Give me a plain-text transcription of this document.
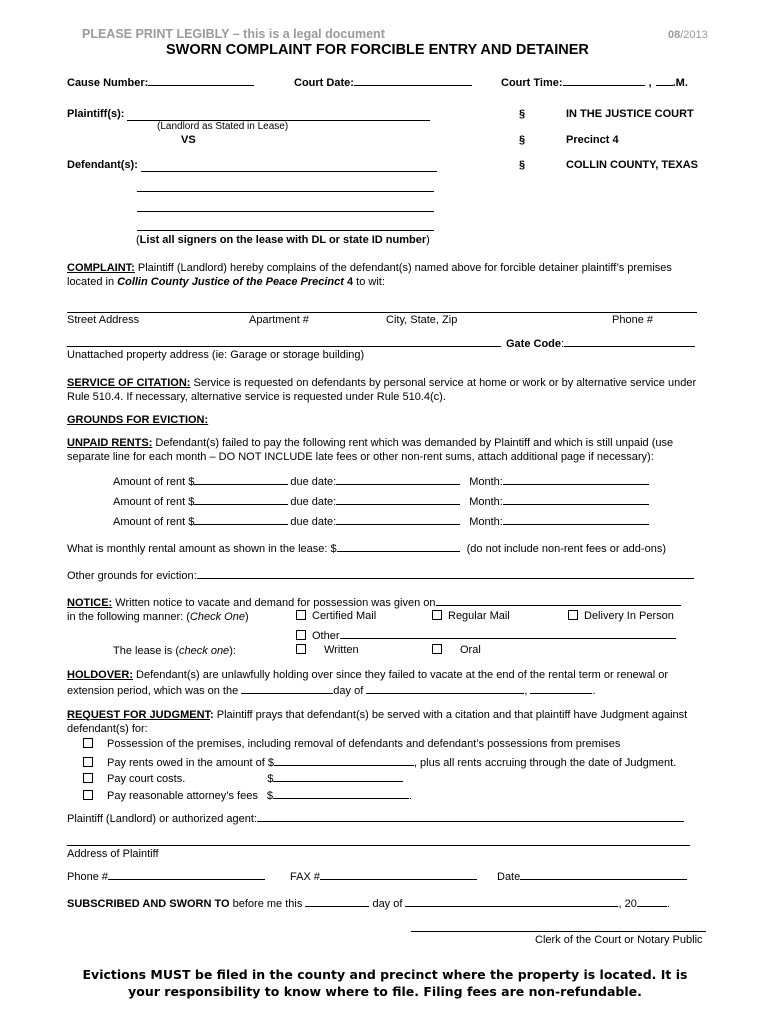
PLEASE PRINT LEGIBLY – this is a legal document	08/2013
SWORN COMPLAINT FOR FORCIBLE ENTRY AND DETAINER
Cause Number:	Court Date:	Court Time:	, .M.
Plaintiff(s):
(Landlord as Stated in Lease)
VS
Defendant(s):
(List all signers on the lease with DL or state ID number)
§	IN THE JUSTICE COURT
§	Precinct 4
§	COLLIN COUNTY, TEXAS
COMPLAINT: Plaintiff (Landlord) hereby complains of the defendant(s) named above for forcible detainer plaintiff’s premises located in Collin County Justice of the Peace Precinct 4 to wit:
Street Address	Apartment #	City, State, Zip	Phone #
Gate Code:
Unattached property address (ie: Garage or storage building)
SERVICE OF CITATION: Service is requested on defendants by personal service at home or work or by alternative service under Rule 510.4. If necessary, alternative service is requested under Rule 510.4(c).
GROUNDS FOR EVICTION:
UNPAID RENTS: Defendant(s) failed to pay the following rent which was demanded by Plaintiff and which is still unpaid (use separate line for each month – DO NOT INCLUDE late fees or other non-rent sums, attach additional page if necessary):
Amount of rent $	due date:	Month:
Amount of rent $	due date:	Month:
Amount of rent $	due date:	Month:
What is monthly rental amount as shown in the lease: $	(do not include non-rent fees or add-ons)
Other grounds for eviction:
NOTICE: Written notice to vacate and demand for possession was given on
in the following manner: (Check One)	Certified Mail	Regular Mail	Delivery In Person
Other
The lease is (check one):	Written	Oral
HOLDOVER: Defendant(s) are unlawfully holding over since they failed to vacate at the end of the rental term or renewal or extension period, which was on the	day of	,	.
REQUEST FOR JUDGMENT: Plaintiff prays that defendant(s) be served with a citation and that plaintiff have Judgment against defendant(s) for:
Possession of the premises, including removal of defendants and defendant’s possessions from premises
Pay rents owed in the amount of $	, plus all rents accruing through the date of Judgment.
Pay court costs.	$
Pay reasonable attorney’s fees $	.
Plaintiff (Landlord) or authorized agent:
Address of Plaintiff
Phone #	FAX #	Date
SUBSCRIBED AND SWORN TO before me this	day of	, 20	.
Clerk of the Court or Notary Public
Evictions MUST be filed in the county and precinct where the property is located. It is
your responsibility to know where to file. Filing fees are non-refundable.
